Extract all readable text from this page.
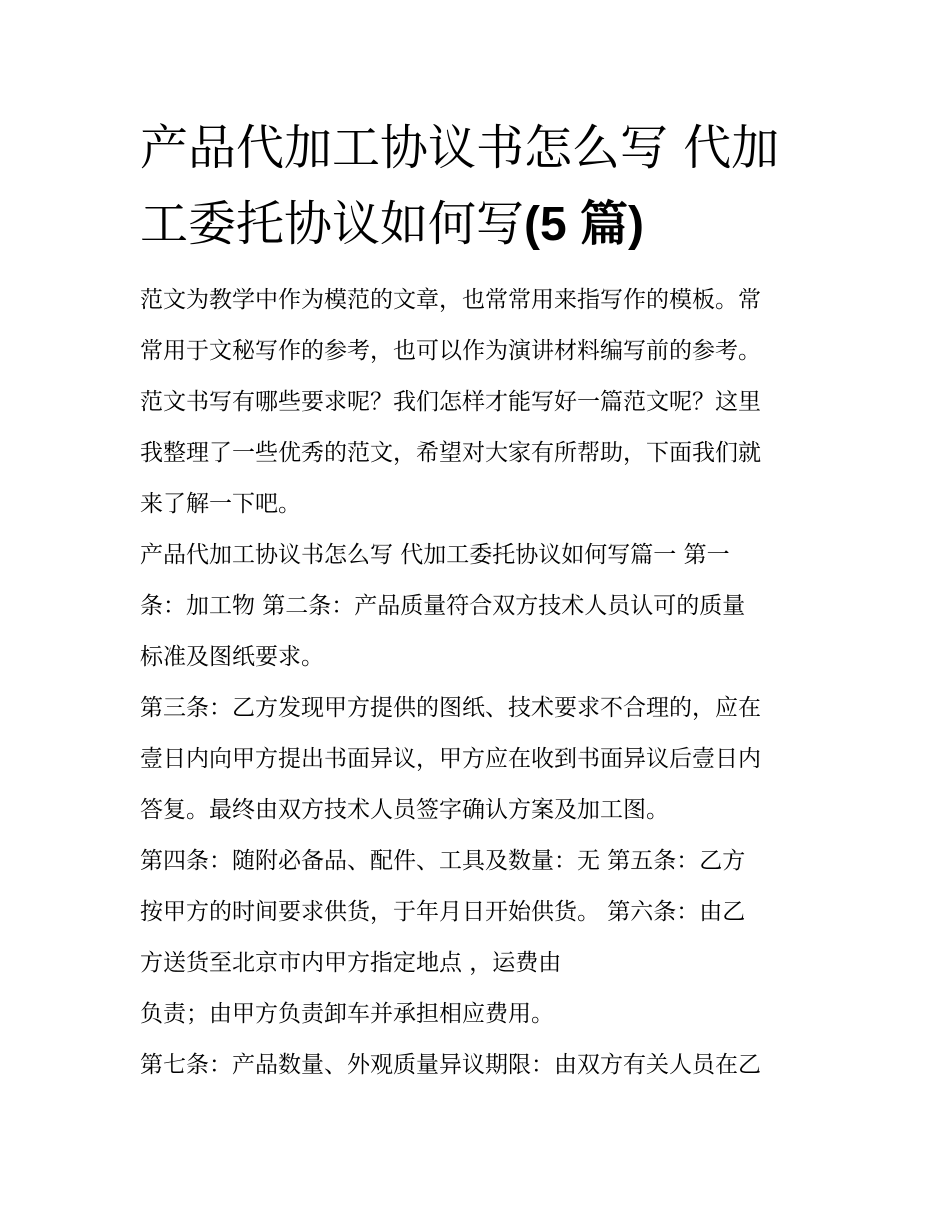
产品代加工协议书怎么写 代加
工委托协议如何写(5 篇)

范文为教学中作为模范的文章，也常常用来指写作的模板。常
常用于文秘写作的参考，也可以作为演讲材料编写前的参考。
范文书写有哪些要求呢？我们怎样才能写好一篇范文呢？这里
我整理了一些优秀的范文，希望对大家有所帮助，下面我们就
来了解一下吧。

产品代加工协议书怎么写 代加工委托协议如何写篇一 第一
条：加工物 第二条：产品质量符合双方技术人员认可的质量
标准及图纸要求。

第三条：乙方发现甲方提供的图纸、技术要求不合理的，应在
壹日内向甲方提出书面异议，甲方应在收到书面异议后壹日内
答复。最终由双方技术人员签字确认方案及加工图。

第四条：随附必备品、配件、工具及数量：无 第五条：乙方
按甲方的时间要求供货，于年月日开始供货。 第六条：由乙
方送货至北京市内甲方指定地点 ，运费由

负责；由甲方负责卸车并承担相应费用。

第七条：产品数量、外观质量异议期限：由双方有关人员在乙
